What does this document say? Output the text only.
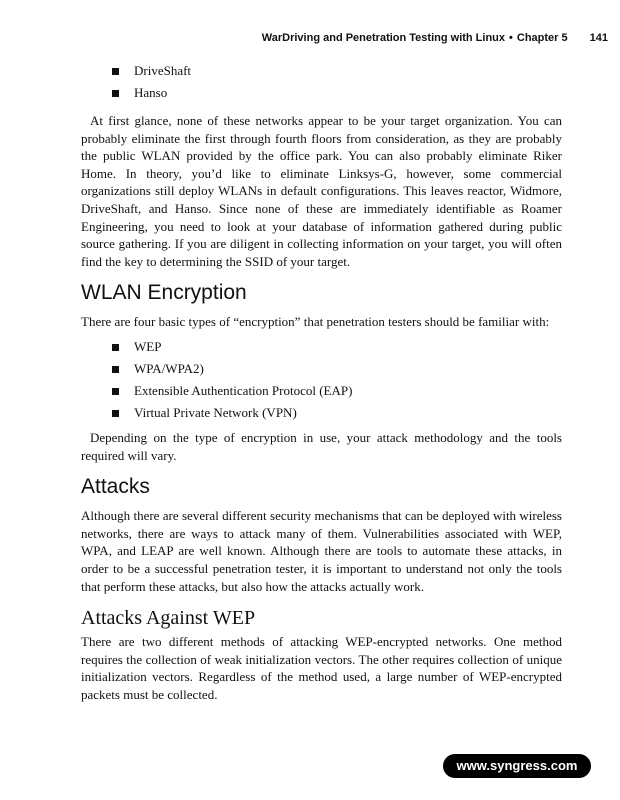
WarDriving and Penetration Testing with Linux • Chapter 5 141
DriveShaft
Hanso

At first glance, none of these networks appear to be your target organization. You can probably eliminate the first through fourth floors from consideration, as they are probably the public WLAN provided by the office park. You can also probably eliminate Riker Home. In theory, you’d like to eliminate Linksys-G, however, some commercial organizations still deploy WLANs in default configurations. This leaves reactor, Widmore, DriveShaft, and Hanso. Since none of these are immediately identifiable as Roamer Engineering, you need to look at your database of information gathered during public source gathering. If you are diligent in collecting information on your target, you will often find the key to determining the SSID of your target.

WLAN Encryption

There are four basic types of “encryption” that penetration testers should be familiar with:

WEP
WPA/WPA2)
Extensible Authentication Protocol (EAP)
Virtual Private Network (VPN)

Depending on the type of encryption in use, your attack methodology and the tools required will vary.

Attacks

Although there are several different security mechanisms that can be deployed with wireless networks, there are ways to attack many of them. Vulnerabilities associated with WEP, WPA, and LEAP are well known. Although there are tools to automate these attacks, in order to be a successful penetration tester, it is important to understand not only the tools that perform these attacks, but also how the attacks actually work.

Attacks Against WEP

There are two different methods of attacking WEP-encrypted networks. One method requires the collection of weak initialization vectors. The other requires collection of unique initialization vectors. Regardless of the method used, a large number of WEP-encrypted packets must be collected.

www.syngress.com
